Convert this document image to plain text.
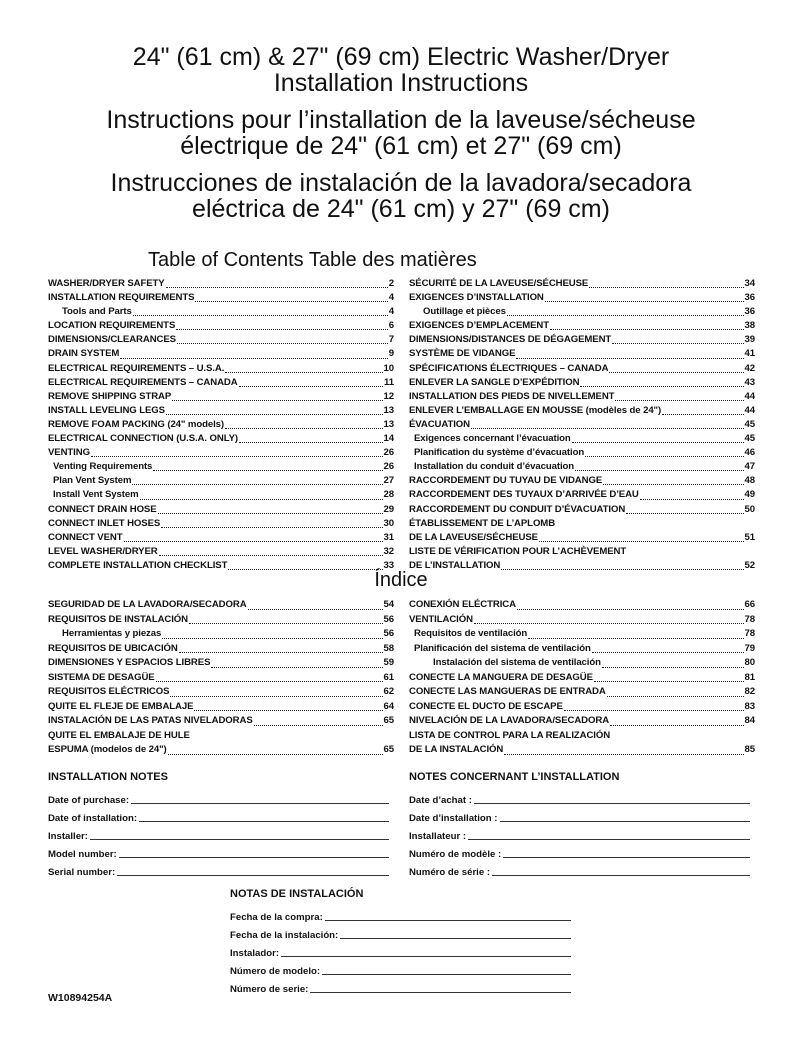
24" (61 cm) & 27" (69 cm) Electric Washer/Dryer
Installation Instructions
Instructions pour l’installation de la laveuse/sécheuse
électrique de 24" (61 cm) et 27" (69 cm)
Instrucciones de instalación de la lavadora/secadora
eléctrica de 24" (61 cm) y 27" (69 cm)
Table of Contents Table des matières
WASHER/DRYER SAFETY	2
INSTALLATION REQUIREMENTS	4
Tools and Parts	4
LOCATION REQUIREMENTS	6
DIMENSIONS/CLEARANCES	7
DRAIN SYSTEM	9
ELECTRICAL REQUIREMENTS – U.S.A.	10
ELECTRICAL REQUIREMENTS – CANADA	11
REMOVE SHIPPING STRAP	12
INSTALL LEVELING LEGS	13
REMOVE FOAM PACKING (24" models)	13
ELECTRICAL CONNECTION (U.S.A. ONLY)	14
VENTING	26
Venting Requirements	26
Plan Vent System	27
Install Vent System	28
CONNECT DRAIN HOSE	29
CONNECT INLET HOSES	30
CONNECT VENT	31
LEVEL WASHER/DRYER	32
COMPLETE INSTALLATION CHECKLIST	33
SÉCURITÉ DE LA LAVEUSE/SÉCHEUSE	34
EXIGENCES D’INSTALLATION	36
Outillage et pièces	36
EXIGENCES D’EMPLACEMENT	38
DIMENSIONS/DISTANCES DE DÉGAGEMENT	39
SYSTÈME DE VIDANGE	41
SPÉCIFICATIONS ÉLECTRIQUES – CANADA	42
ENLEVER LA SANGLE D’EXPÉDITION	43
INSTALLATION DES PIEDS DE NIVELLEMENT	44
ENLEVER L’EMBALLAGE EN MOUSSE (modèles de 24")	44
ÉVACUATION	45
Exigences concernant l’évacuation	45
Planification du système d’évacuation	46
Installation du conduit d’évacuation	47
RACCORDEMENT DU TUYAU DE VIDANGE	48
RACCORDEMENT DES TUYAUX D’ARRIVÉE D’EAU	49
RACCORDEMENT DU CONDUIT D’ÉVACUATION	50
ÉTABLISSEMENT DE L’APLOMB
DE LA LAVEUSE/SÉCHEUSE	51
LISTE DE VÉRIFICATION POUR L’ACHÈVEMENT
DE L’INSTALLATION	52
Índice
SEGURIDAD DE LA LAVADORA/SECADORA	54
REQUISITOS DE INSTALACIÓN	56
Herramientas y piezas	56
REQUISITOS DE UBICACIÓN	58
DIMENSIONES Y ESPACIOS LIBRES	59
SISTEMA DE DESAGÜE	61
REQUISITOS ELÉCTRICOS	62
QUITE EL FLEJE DE EMBALAJE	64
INSTALACIÓN DE LAS PATAS NIVELADORAS	65
QUITE EL EMBALAJE DE HULE
ESPUMA (modelos de 24")	65
CONEXIÓN ELÉCTRICA	66
VENTILACIÓN	78
Requisitos de ventilación	78
Planificación del sistema de ventilación	79
Instalación del sistema de ventilación	80
CONECTE LA MANGUERA DE DESAGÜE	81
CONECTE LAS MANGUERAS DE ENTRADA	82
CONECTE EL DUCTO DE ESCAPE	83
NIVELACIÓN DE LA LAVADORA/SECADORA	84
LISTA DE CONTROL PARA LA REALIZACIÓN
DE LA INSTALACIÓN	85
INSTALLATION NOTES
Date of purchase:
Date of installation:
Installer:
Model number:
Serial number:
NOTES CONCERNANT L’INSTALLATION
Date d’achat :
Date d’installation :
Installateur :
Numéro de modèle :
Numéro de série :
NOTAS DE INSTALACIÓN
Fecha de la compra:
Fecha de la instalación:
Instalador:
Número de modelo:
Número de serie:
W10894254A
